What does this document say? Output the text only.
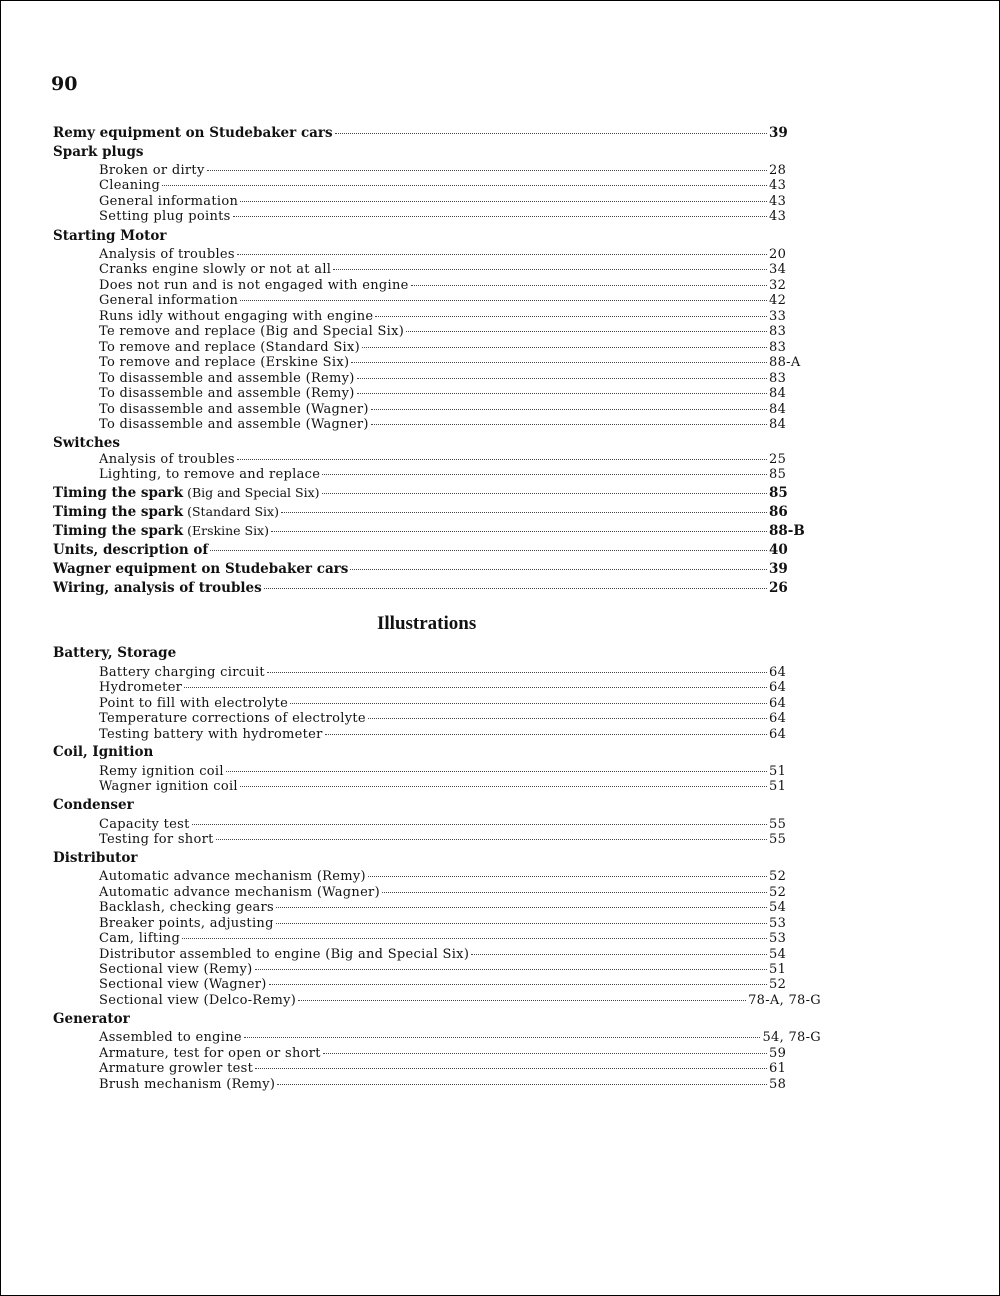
90
Illustrations
Remy equipment on Studebaker cars	39
Spark plugs
Broken or dirty	28
Cleaning	43
General information	43
Setting plug points	43
Starting Motor
Analysis of troubles	20
Cranks engine slowly or not at all	34
Does not run and is not engaged with engine	32
General information	42
Runs idly without engaging with engine	33
Te remove and replace (Big and Special Six)	83
To remove and replace (Standard Six)	83
To remove and replace (Erskine Six)	88-A
To disassemble and assemble (Remy)	83
To disassemble and assemble (Remy)	84
To disassemble and assemble (Wagner)	84
To disassemble and assemble (Wagner)	84
Switches
Analysis of troubles	25
Lighting, to remove and replace	85
Timing the spark (Big and Special Six)	85
Timing the spark (Standard Six)	86
Timing the spark (Erskine Six)	88-B
Units, description of	40
Wagner equipment on Studebaker cars	39
Wiring, analysis of troubles	26
Battery, Storage
Battery charging circuit	64
Hydrometer	64
Point to fill with electrolyte	64
Temperature corrections of electrolyte	64
Testing battery with hydrometer	64
Coil, Ignition
Remy ignition coil	51
Wagner ignition coil	51
Condenser
Capacity test	55
Testing for short	55
Distributor
Automatic advance mechanism (Remy)	52
Automatic advance mechanism (Wagner)	52
Backlash, checking gears	54
Breaker points, adjusting	53
Cam, lifting	53
Distributor assembled to engine (Big and Special Six)	54
Sectional view (Remy)	51
Sectional view (Wagner)	52
Sectional view (Delco-Remy)	78-A, 78-G
Generator
Assembled to engine	54, 78-G
Armature, test for open or short	59
Armature growler test	61
Brush mechanism (Remy)	58
